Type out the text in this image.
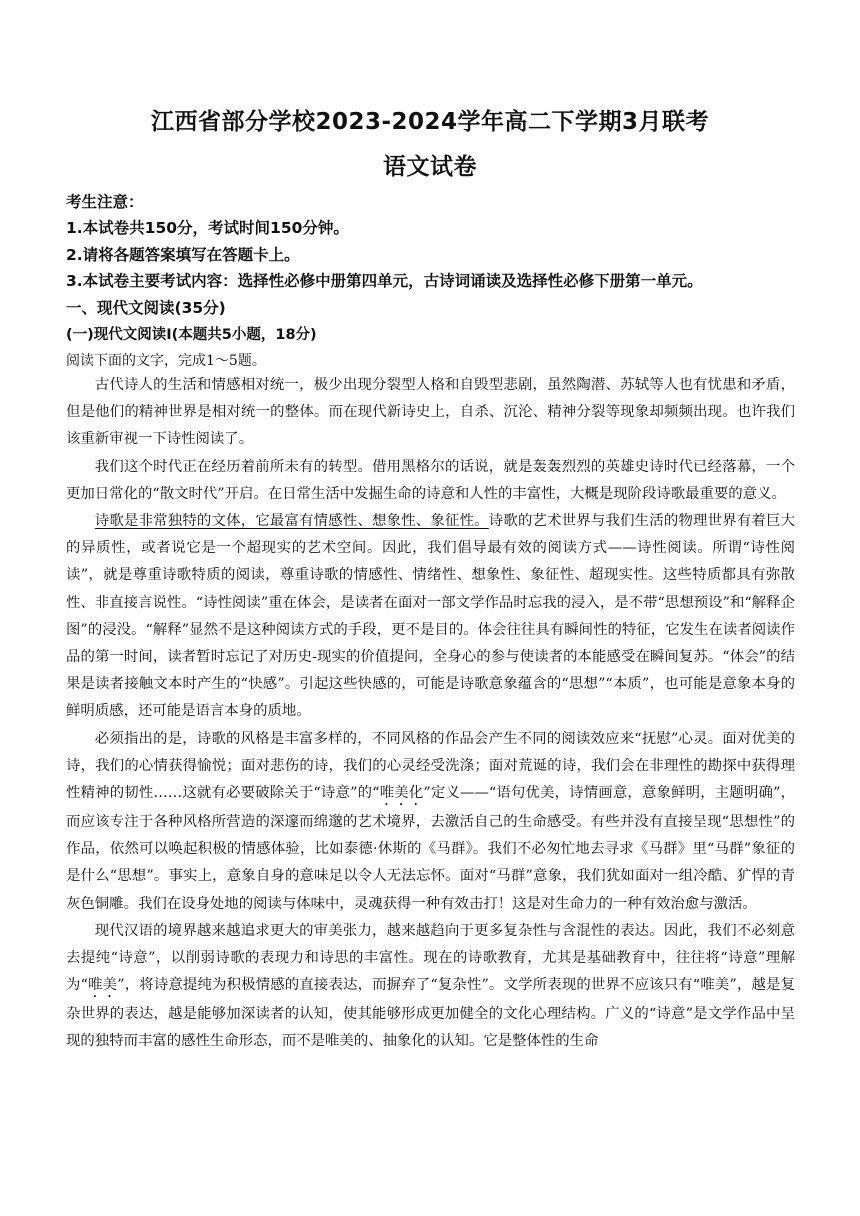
江西省部分学校2023-2024学年高二下学期3月联考
语文试卷
考生注意：
1.本试卷共150分，考试时间150分钟。
2.请将各题答案填写在答题卡上。
3.本试卷主要考试内容：选择性必修中册第四单元，古诗词诵读及选择性必修下册第一单元。
一、现代文阅读(35分)
(一)现代文阅读Ⅰ(本题共5小题，18分)
阅读下面的文字，完成1～5题。

古代诗人的生活和情感相对统一，极少出现分裂型人格和自毁型悲剧，虽然陶潜、苏轼等人也有忧患和矛盾，但是他们的精神世界是相对统一的整体。而在现代新诗史上，自杀、沉沦、精神分裂等现象却频频出现。也许我们该重新审视一下诗性阅读了。

我们这个时代正在经历着前所未有的转型。借用黑格尔的话说，就是轰轰烈烈的英雄史诗时代已经落幕，一个更加日常化的“散文时代”开启。在日常生活中发掘生命的诗意和人性的丰富性，大概是现阶段诗歌最重要的意义。

诗歌是非常独特的文体，它最富有情感性、想象性、象征性。诗歌的艺术世界与我们生活的物理世界有着巨大的异质性，或者说它是一个超现实的艺术空间。因此，我们倡导最有效的阅读方式——诗性阅读。所谓“诗性阅读”，就是尊重诗歌特质的阅读，尊重诗歌的情感性、情绪性、想象性、象征性、超现实性。这些特质都具有弥散性、非直接言说性。“诗性阅读”重在体会，是读者在面对一部文学作品时忘我的浸入，是不带“思想预设”和“解释企图”的浸没。“解释”显然不是这种阅读方式的手段，更不是目的。体会往往具有瞬间性的特征，它发生在读者阅读作品的第一时间，读者暂时忘记了对历史-现实的价值提问，全身心的参与使读者的本能感受在瞬间复苏。“体会”的结果是读者接触文本时产生的“快感”。引起这些快感的，可能是诗歌意象蕴含的“思想”“本质”，也可能是意象本身的鲜明质感，还可能是语言本身的质地。

必须指出的是，诗歌的风格是丰富多样的，不同风格的作品会产生不同的阅读效应来“抚慰”心灵。面对优美的诗，我们的心情获得愉悦；面对悲伤的诗，我们的心灵经受洗涤；面对荒诞的诗，我们会在非理性的勘探中获得理性精神的韧性……这就有必要破除关于“诗意”的“唯美化”定义——“语句优美，诗情画意，意象鲜明，主题明确”，而应该专注于各种风格所营造的深邃而绵邈的艺术境界，去激活自己的生命感受。有些并没有直接呈现“思想性”的作品，依然可以唤起积极的情感体验，比如泰德·休斯的《马群》。我们不必匆忙地去寻求《马群》里“马群”象征的是什么“思想”。事实上，意象自身的意味足以令人无法忘怀。面对“马群”意象，我们犹如面对一组冷酷、犷悍的青灰色铜雕。我们在设身处地的阅读与体味中，灵魂获得一种有效击打！这是对生命力的一种有效治愈与激活。

现代汉语的境界越来越追求更大的审美张力，越来越趋向于更多复杂性与含混性的表达。因此，我们不必刻意去提纯“诗意”，以削弱诗歌的表现力和诗思的丰富性。现在的诗歌教育，尤其是基础教育中，往往将“诗意”理解为“唯美”，将诗意提纯为积极情感的直接表达，而摒弃了“复杂性”。文学所表现的世界不应该只有“唯美”，越是复杂世界的表达，越是能够加深读者的认知，使其能够形成更加健全的文化心理结构。广义的“诗意”是文学作品中呈现的独特而丰富的感性生命形态，而不是唯美的、抽象化的认知。它是整体性的生命
